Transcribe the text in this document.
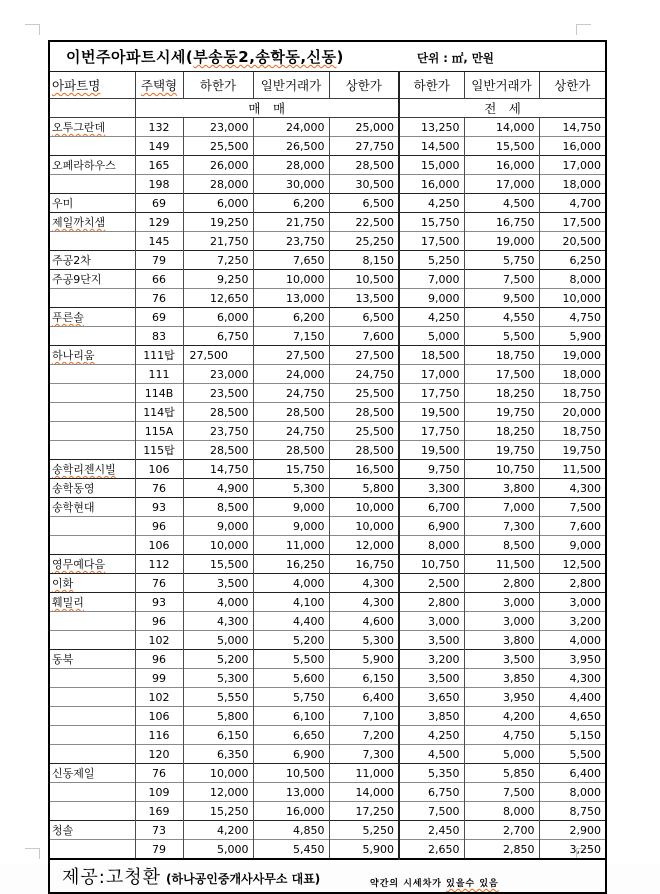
이번주아파트시세(부송동2,송학동,신동) 단위 : ㎡, 만원							

아파트명	주택형	하한가	일반거래가	상한가	하한가	일반거래가	상한가
	매　매				전　세		
오투그란데	132	23,000	24,000	25,000	13,250	14,000	14,750
	149	25,500	26,500	27,750	14,500	15,500	16,000
오페라하우스	165	26,000	28,000	28,500	15,000	16,000	17,000
	198	28,000	30,000	30,500	16,000	17,000	18,000
우미	69	6,000	6,200	6,500	4,250	4,500	4,700
제일까치샘	129	19,250	21,750	22,500	15,750	16,750	17,500
	145	21,750	23,750	25,250	17,500	19,000	20,500
주공2차	79	7,250	7,650	8,150	5,250	5,750	6,250
주공9단지	66	9,250	10,000	10,500	7,000	7,500	8,000
	76	12,650	13,000	13,500	9,000	9,500	10,000
푸른솔	69	6,000	6,200	6,500	4,250	4,550	4,750
	83	6,750	7,150	7,600	5,000	5,500	5,900
하나리움	111탑	27,500	27,500	27,500	18,500	18,750	19,000
	111	23,000	24,000	24,750	17,000	17,500	18,000
	114B	23,500	24,750	25,500	17,750	18,250	18,750
	114탑	28,500	28,500	28,500	19,500	19,750	20,000
	115A	23,750	24,750	25,500	17,750	18,250	18,750
	115탑	28,500	28,500	28,500	19,500	19,750	19,750
송학리젠시빌	106	14,750	15,750	16,500	9,750	10,750	11,500
송학동영	76	4,900	5,300	5,800	3,300	3,800	4,300
송학현대	93	8,500	9,000	10,000	6,700	7,000	7,500
	96	9,000	9,000	10,000	6,900	7,300	7,600
	106	10,000	11,000	12,000	8,000	8,500	9,000
영무예다음	112	15,500	16,250	16,750	10,750	11,500	12,500
이화	76	3,500	4,000	4,300	2,500	2,800	2,800
훼밀리	93	4,000	4,100	4,300	2,800	3,000	3,000
	96	4,300	4,400	4,600	3,000	3,000	3,200
	102	5,000	5,200	5,300	3,500	3,800	4,000
동북	96	5,200	5,500	5,900	3,200	3,500	3,950
	99	5,300	5,600	6,150	3,500	3,850	4,300
	102	5,550	5,750	6,400	3,650	3,950	4,400
	106	5,800	6,100	7,100	3,850	4,200	4,650
	116	6,150	6,650	7,200	4,250	4,750	5,150
	120	6,350	6,900	7,300	4,500	5,000	5,500
신동제일	76	10,000	10,500	11,000	5,350	5,850	6,400
	109	12,000	13,000	14,000	6,750	7,500	8,000
	169	15,250	16,000	17,250	7,500	8,000	8,750
청솔	73	4,200	4,850	5,250	2,450	2,700	2,900
	79	5,000	5,450	5,900	2,650	2,850	3,250
제공:고청환 (하나공인중개사사무소 대표) 약간의 시세차가 있을수 있음							
